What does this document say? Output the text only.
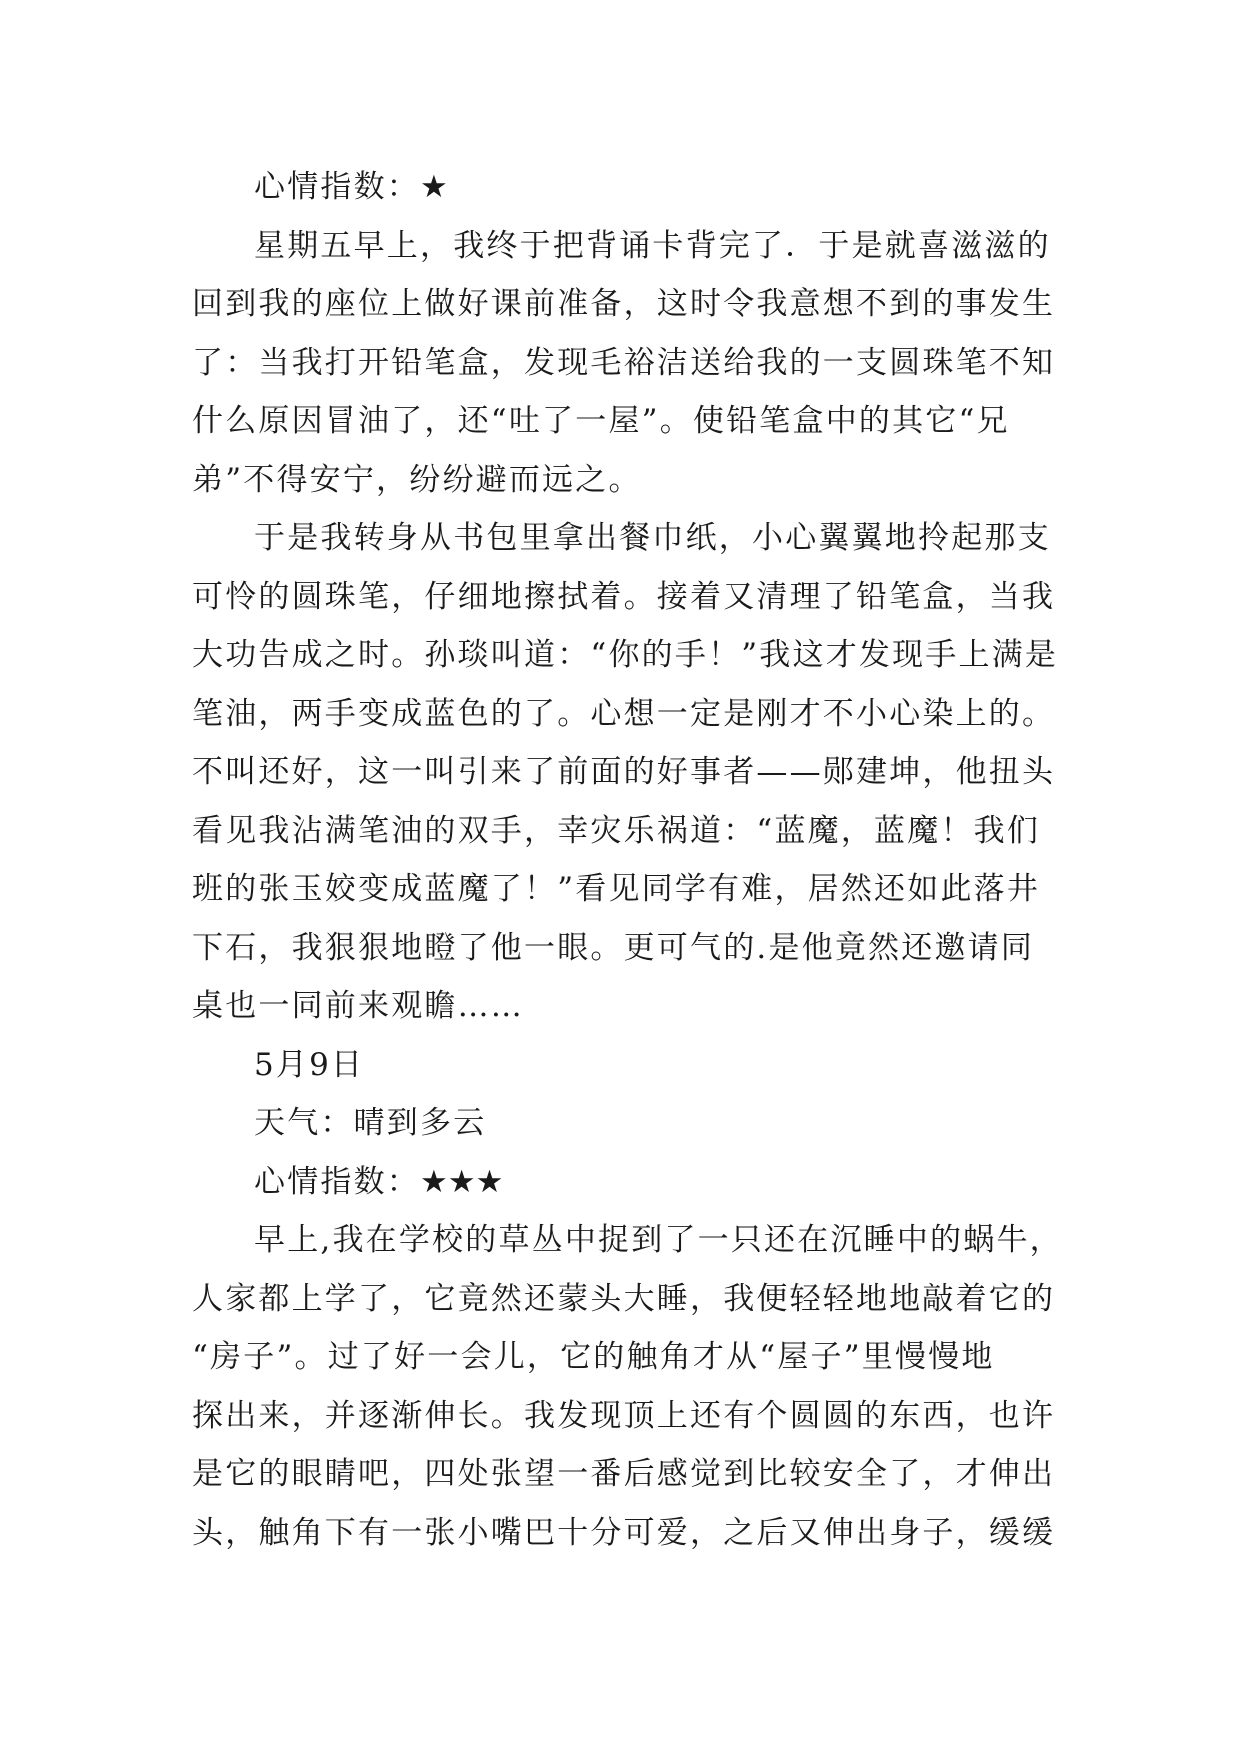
心情指数：★

星期五早上，我终于把背诵卡背完了．于是就喜滋滋的
回到我的座位上做好课前准备，这时令我意想不到的事发生
了：当我打开铅笔盒，发现毛裕洁送给我的一支圆珠笔不知
什么原因冒油了，还“吐了一屋”。使铅笔盒中的其它“兄
弟”不得安宁，纷纷避而远之。

于是我转身从书包里拿出餐巾纸，小心翼翼地拎起那支
可怜的圆珠笔，仔细地擦拭着。接着又清理了铅笔盒，当我
大功告成之时。孙琰叫道：“你的手！”我这才发现手上满是
笔油，两手变成蓝色的了。心想一定是刚才不小心染上的。
不叫还好，这一叫引来了前面的好事者——郧建坤，他扭头
看见我沾满笔油的双手，幸灾乐祸道：“蓝魔，蓝魔！我们
班的张玉姣变成蓝魔了！”看见同学有难，居然还如此落井
下石，我狠狠地瞪了他一眼。更可气的.是他竟然还邀请同
桌也一同前来观瞻……

5月9日

天气：晴到多云

心情指数：★★★

早上,我在学校的草丛中捉到了一只还在沉睡中的蜗牛，
人家都上学了，它竟然还蒙头大睡，我便轻轻地地敲着它的
“房子”。过了好一会儿，它的触角才从“屋子”里慢慢地
探出来，并逐渐伸长。我发现顶上还有个圆圆的东西，也许
是它的眼睛吧，四处张望一番后感觉到比较安全了，才伸出
头，触角下有一张小嘴巴十分可爱，之后又伸出身子，缓缓
